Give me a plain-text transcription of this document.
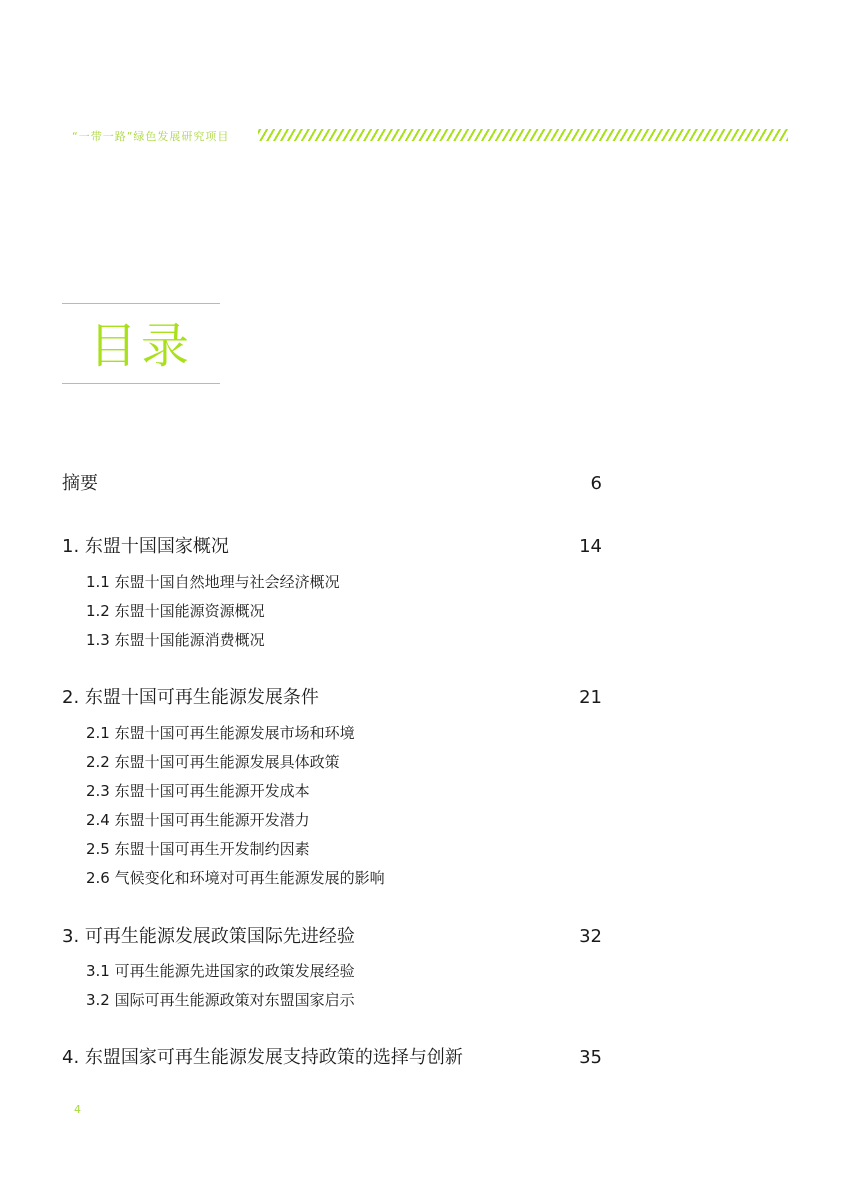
“一带一路”绿色发展研究项目
目录
摘要	6
1. 东盟十国国家概况	14
1.1 东盟十国自然地理与社会经济概况
1.2 东盟十国能源资源概况
1.3 东盟十国能源消费概况
2. 东盟十国可再生能源发展条件	21
2.1 东盟十国可再生能源发展市场和环境
2.2 东盟十国可再生能源发展具体政策
2.3 东盟十国可再生能源开发成本
2.4 东盟十国可再生能源开发潜力
2.5 东盟十国可再生开发制约因素
2.6 气候变化和环境对可再生能源发展的影响
3. 可再生能源发展政策国际先进经验	32
3.1 可再生能源先进国家的政策发展经验
3.2 国际可再生能源政策对东盟国家启示
4. 东盟国家可再生能源发展支持政策的选择与创新	35
4
